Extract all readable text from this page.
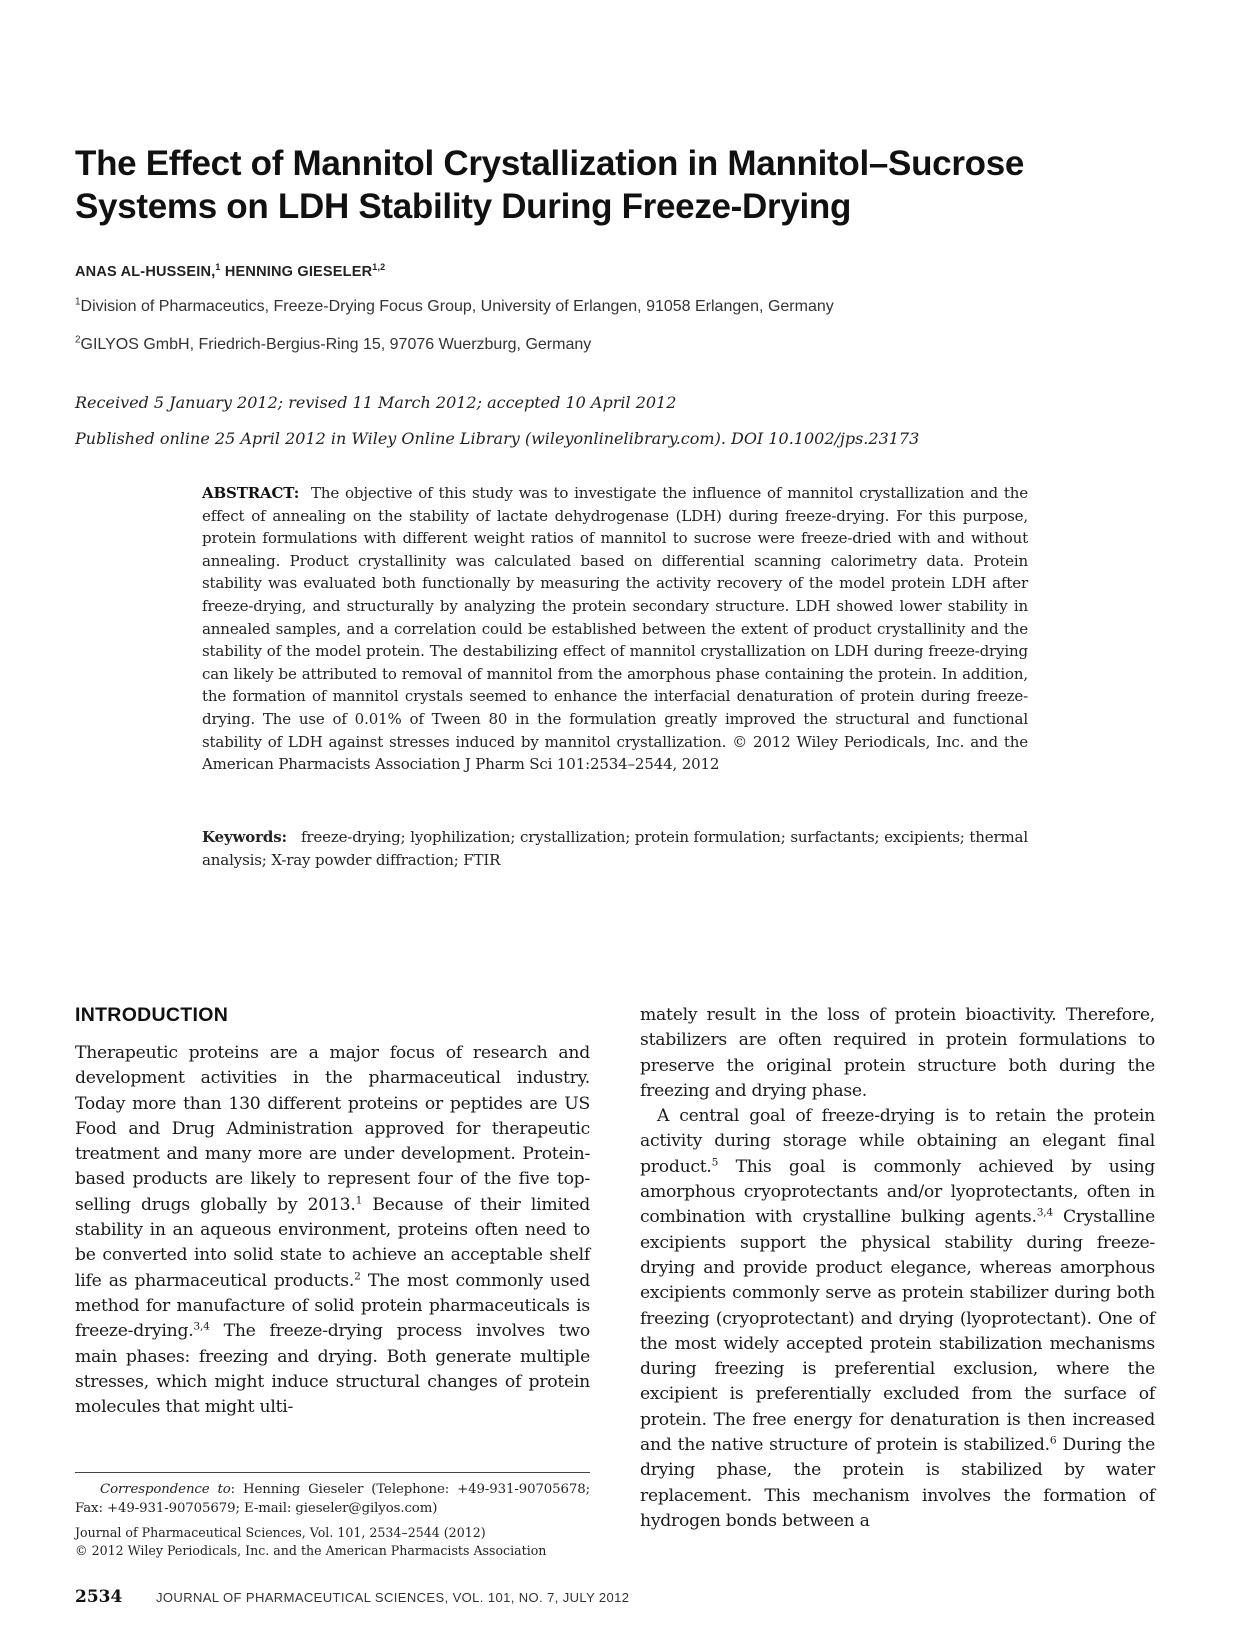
The Effect of Mannitol Crystallization in Mannitol–Sucrose Systems on LDH Stability During Freeze-Drying
ANAS AL-HUSSEIN,$^1$ HENNING GIESELER$^{1,2}$
$^1$Division of Pharmaceutics, Freeze-Drying Focus Group, University of Erlangen, 91058 Erlangen, Germany
$^2$GILYOS GmbH, Friedrich-Bergius-Ring 15, 97076 Wuerzburg, Germany
Received 5 January 2012; revised 11 March 2012; accepted 10 April 2012
Published online 25 April 2012 in Wiley Online Library (wileyonlinelibrary.com). DOI 10.1002/jps.23173
ABSTRACT: The objective of this study was to investigate the influence of mannitol crystallization and the effect of annealing on the stability of lactate dehydrogenase (LDH) during freeze-drying. For this purpose, protein formulations with different weight ratios of mannitol to sucrose were freeze-dried with and without annealing. Product crystallinity was calculated based on differential scanning calorimetry data. Protein stability was evaluated both functionally by measuring the activity recovery of the model protein LDH after freeze-drying, and structurally by analyzing the protein secondary structure. LDH showed lower stability in annealed samples, and a correlation could be established between the extent of product crystallinity and the stability of the model protein. The destabilizing effect of mannitol crystallization on LDH during freeze-drying can likely be attributed to removal of mannitol from the amorphous phase containing the protein. In addition, the formation of mannitol crystals seemed to enhance the interfacial denaturation of protein during freeze-drying. The use of 0.01% of Tween 80 in the formulation greatly improved the structural and functional stability of LDH against stresses induced by mannitol crystallization. © 2012 Wiley Periodicals, Inc. and the American Pharmacists Association J Pharm Sci 101:2534–2544, 2012
Keywords: freeze-drying; lyophilization; crystallization; protein formulation; surfactants; excipients; thermal analysis; X-ray powder diffraction; FTIR
INTRODUCTION

Therapeutic proteins are a major focus of research and development activities in the pharmaceutical industry. Today more than 130 different proteins or peptides are US Food and Drug Administration approved for therapeutic treatment and many more are under development. Protein-based products are likely to represent four of the five top-selling drugs globally by 2013.$^1$ Because of their limited stability in an aqueous environment, proteins often need to be converted into solid state to achieve an acceptable shelf life as pharmaceutical products.$^2$ The most commonly used method for manufacture of solid protein pharmaceuticals is freeze-drying.$^{3,4}$ The freeze-drying process involves two main phases: freezing and drying. Both generate multiple stresses, which might induce structural changes of protein molecules that might ulti-

mately result in the loss of protein bioactivity. Therefore, stabilizers are often required in protein formulations to preserve the original protein structure both during the freezing and drying phase.

A central goal of freeze-drying is to retain the protein activity during storage while obtaining an elegant final product.$^5$ This goal is commonly achieved by using amorphous cryoprotectants and/or lyoprotectants, often in combination with crystalline bulking agents.$^{3,4}$ Crystalline excipients support the physical stability during freeze-drying and provide product elegance, whereas amorphous excipients commonly serve as protein stabilizer during both freezing (cryoprotectant) and drying (lyoprotectant). One of the most widely accepted protein stabilization mechanisms during freezing is preferential exclusion, where the excipient is preferentially excluded from the surface of protein. The free energy for denaturation is then increased and the native structure of protein is stabilized.$^6$ During the drying phase, the protein is stabilized by water replacement. This mechanism involves the formation of hydrogen bonds between a

Correspondence to: Henning Gieseler (Telephone: +49-931-90705678; Fax: +49-931-90705679; E-mail: gieseler@gilyos.com)
Journal of Pharmaceutical Sciences, Vol. 101, 2534–2544 (2012)
© 2012 Wiley Periodicals, Inc. and the American Pharmacists Association
2534	JOURNAL OF PHARMACEUTICAL SCIENCES, VOL. 101, NO. 7, JULY 2012
